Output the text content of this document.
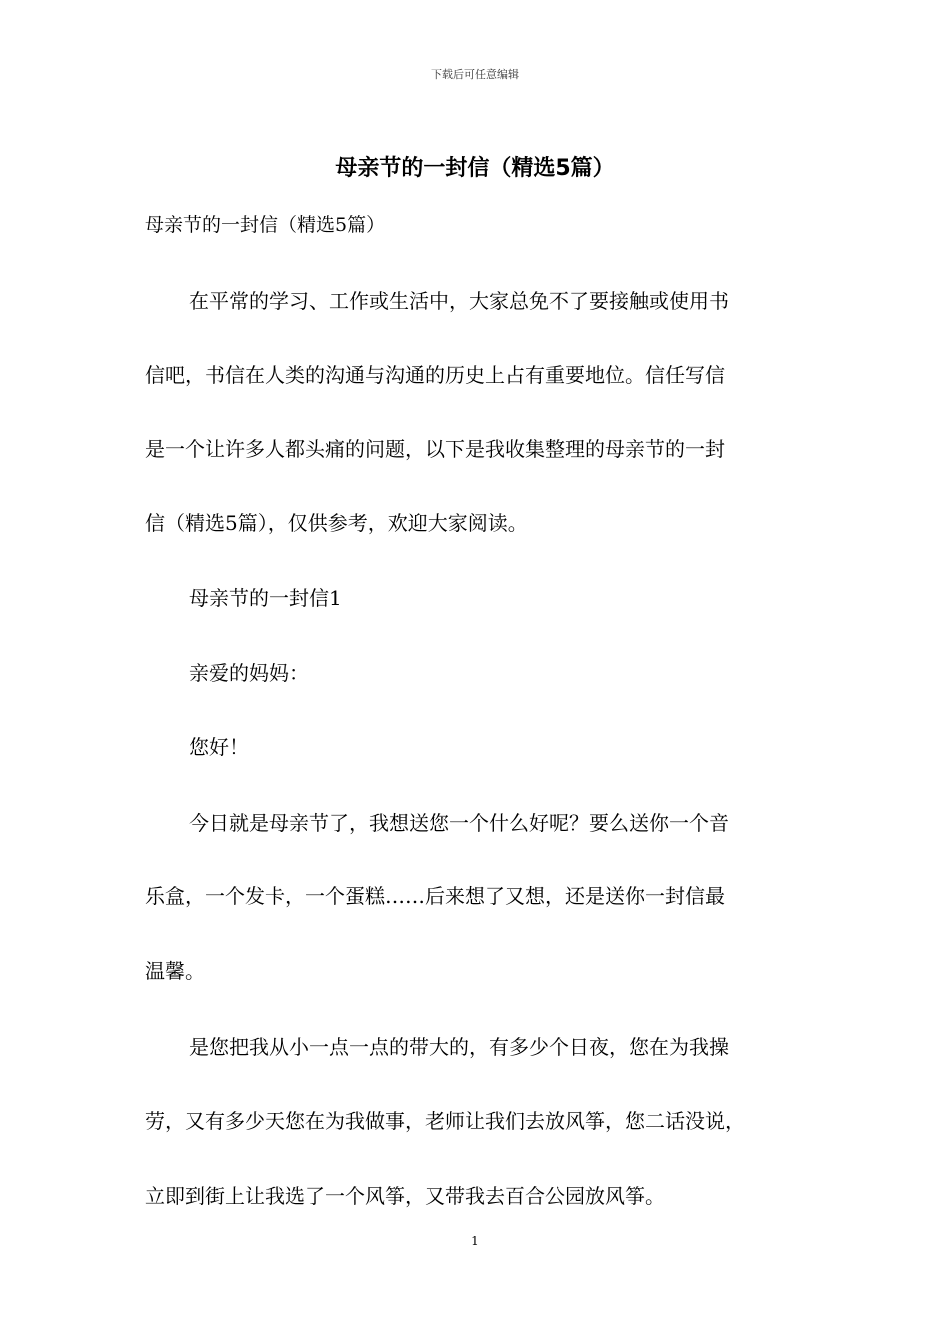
下载后可任意编辑
母亲节的一封信（精选5篇）
母亲节的一封信（精选5篇）
在平常的学习、工作或生活中，大家总免不了要接触或使用书
信吧，书信在人类的沟通与沟通的历史上占有重要地位。信任写信
是一个让许多人都头痛的问题，以下是我收集整理的母亲节的一封
信（精选5篇），仅供参考，欢迎大家阅读。
母亲节的一封信1
亲爱的妈妈：
您好！
今日就是母亲节了，我想送您一个什么好呢？要么送你一个音
乐盒，一个发卡，一个蛋糕……后来想了又想，还是送你一封信最
温馨。
是您把我从小一点一点的带大的，有多少个日夜，您在为我操
劳，又有多少天您在为我做事，老师让我们去放风筝，您二话没说，
立即到街上让我选了一个风筝，又带我去百合公园放风筝。
1
